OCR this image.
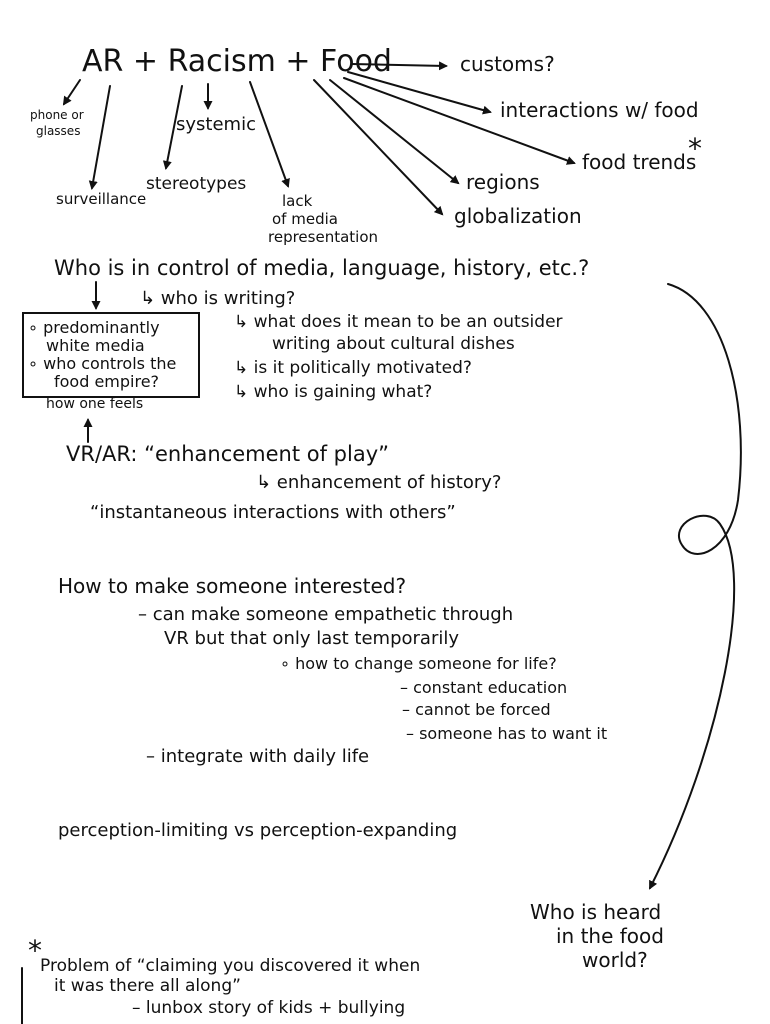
AR + Racism + Food	customs?
interactions w/ food
food trends
*
regions
globalization
phone or
glasses	systemic
surveillance
stereotypes
lack
of media
representation
Who is in control of media, language, history, etc.?
↳ who is writing?
↳ what does it mean to be an outsider
writing about cultural dishes
↳ is it politically motivated?
↳ who is gaining what?
∘ predominantly
white media
∘ who controls the
food empire?
how one feels
VR/AR: “enhancement of play”
↳ enhancement of history?
“instantaneous interactions with others”
How to make someone interested?
– can make someone empathetic through
VR but that only last temporarily
∘ how to change someone for life?
– constant education
– cannot be forced
– someone has to want it
– integrate with daily life
perception-limiting vs perception-expanding
Who is heard
in the food
world?
*
Problem of “claiming you discovered it when
it was there all along”
– lunbox story of kids + bullying
